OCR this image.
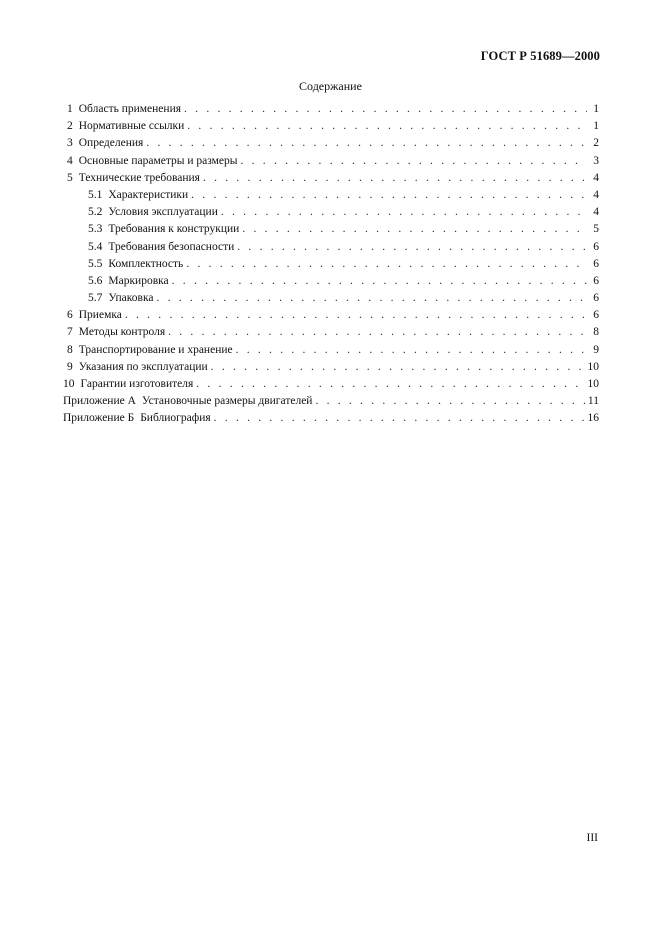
ГОСТ Р 51689—2000
Содержание
1 Область применения . . .	1
2 Нормативные ссылки . . .	1
3 Определения . . .	2
4 Основные параметры и размеры . . .	3
5 Технические требования . . .	4
5.1 Характеристики . . .	4
5.2 Условия эксплуатации . . .	4
5.3 Требования к конструкции . . .	5
5.4 Требования безопасности . . .	6
5.5 Комплектность . . .	6
5.6 Маркировка . . .	6
5.7 Упаковка . . .	6
6 Приемка . . .	6
7 Методы контроля . . .	8
8 Транспортирование и хранение . . .	9
9 Указания по эксплуатации . . .	10
10 Гарантии изготовителя . . .	10
Приложение А Установочные размеры двигателей . . .	11
Приложение Б Библиография . . .	16
III
